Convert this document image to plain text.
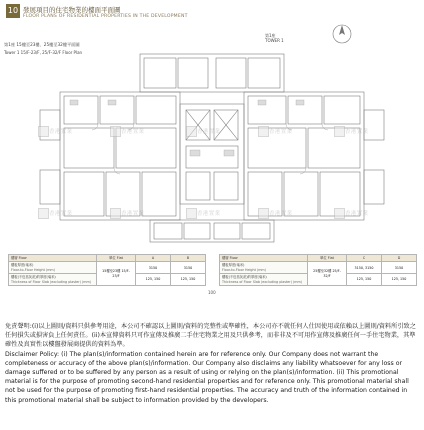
10 發展項目的住宅物業的樓面平面圖
FLOOR PLANS OF RESIDENTIAL PROPERTIES IN THE DEVELOPMENT
香港置業	香港置業	香港置業	香港置業	香港置業
香港置業	香港置業	香港置業	香港置業	香港置業
第1座 15樓至23樓、25樓至32樓平面圖
Tower 1 15/F-23/F, 25/F-32/F Floor Plan
第1座
TOWER 1
樓層 Floor	單位 Flat	A	B

樓板厚度(毫米)
Floor-to-Floor Height (mm)	15樓至23樓 15/F-23/F	3150	3150

樓板(不包括灰泥)的厚度(毫米)
Thickness of Floor Slab (excluding plaster) (mm)		125, 150	125, 150
樓層 Floor	單位 Flat	C	D

樓板厚度(毫米)
Floor-to-Floor Height (mm)	25樓至32樓 25/F-32/F	3150, 3150	3150

樓板(不包括灰泥)的厚度(毫米)
Thickness of Floor Slab (excluding plaster) (mm)		125, 150	125, 150
100

免責聲明:(i)以上圖則/資料只供參考用途，本公司不確認以上圖則/資料的完整性或準確性，本公司亦不就任何人仕因使用或依賴以上圖則/資料所引致之任何損失或損害負上任何責任。(ii)本宣傳資料只可作宣傳及推廣二手住宅物業之用及只供參考，而非非及不可用作宣傳及推廣任何一手住宅物業，其準確性及真實性以樓盤發展商提供的資料為準。

Disclaimer Policy: (i) The plan(s)/information contained herein are for reference only. Our Company does not warrant the completeness or accuracy of the above plan(s)/information. Our Company also disclaims any liability whatsoever for any loss or damage suffered or to be suffered by any person as a result of using or relying on the plan(s)/information. (ii) This promotional material is for the purpose of promoting second-hand residential properties and for reference only. This promotional material shall not be used for the purpose of promoting first-hand residential properties. The accuracy and truth of the information contained in this promotional material shall be subject to information provided by the developers.
